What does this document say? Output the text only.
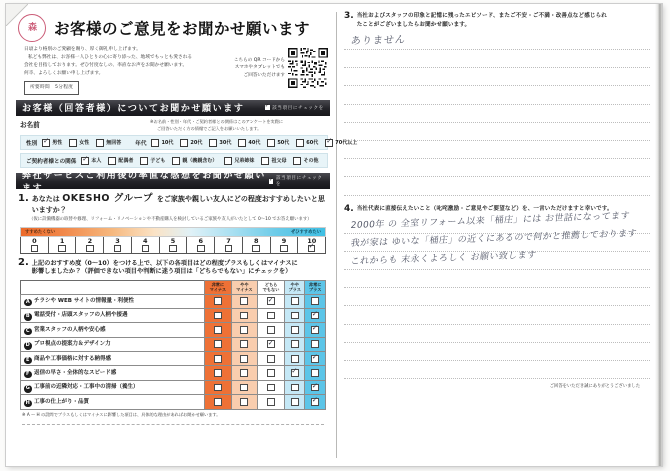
森	お客様のご意見をお聞かせ願います

日頃より格別のご愛顧を賜り、厚く御礼申し上げます。

私ども弊社は、お客様一人ひとりの心に寄り添った、地域でもっとも愛される

会社を目指しております。ぜひ忖度なしの、率直なお声をお聞かせ願います。

何卒、よろしくお願い申し上げます。

所要時間　5分程度
こちらの QR コードから
スマホやタブレットでも
ご回答いただけます
お客様（回答者様）についてお聞かせ願います ✓	該当項目にチェックを
お名前	※お名前・性別・年代・ご契約者様との関係はこのアンケートを実際に
ご回答いただく方の情報でご記入をお願いいたします。
性別 ✓	男性	女性	無回答	年代	10代	20代	30代	40代	50代	60代 ✓	70代以上
ご契約者様との関係 ✓	本人	配偶者	子ども	親（義親含む）	兄弟姉妹	祖父母	その他
弊社サービスご利用後の率直な感想をお聞かせ願います
✓
該当項目にチェックを
1. あなたは OKESHO グループ をご家族や親しい友人にどの程度おすすめしたいと思いますか？
（仮に設備機器の取替や修理、リフォーム・リノベーションや不動産購入を検討しているご家族や友人がいたとして 0〜10 でお答え願います）
すすめたくない	ぜひすすめたい
0	1	2	3	4	5	6	7	8	9	10
✓
2. 上記のおすすめ度（0〜10）をつける上で、以下の各項目はどの程度プラスもしくはマイナスに
影響しましたか？（評価できない項目や判断に迷う項目は「どちらでもない」にチェックを）

非常に
マイナス

やや
マイナス

どちら
でもない

やや
プラス

非常に
プラス

A チラシや WEB サイトの情報量・利便性			✓		
B 電話受付・店頭スタッフの人柄や接遇					✓
C 営業スタッフの人柄や安心感					✓
D プロ視点の提案力＆デザイン力			✓		
E 商品や工事価格に対する納得感					✓
F 返信の早さ・全体的なスピード感				✓	
G 工事前の近隣対応・工事中の清掃（養生）					✓
H 工事の仕上がり・品質					✓
※ A 〜 H の設問でプラスもしくはマイナスに影響した項目は、具体的な理由があればお聞かせ願います。
3. 当社およびスタッフの印象と記憶に残ったエピソード、またご不安・ご不満・改善点など感じられ
たことがございましたらお聞かせ願います。
ありません
4. 当社代表に直接伝えたいこと（叱咤激励・ご意見やご要望など）を、一言いただけますと幸いです。
2000年 の 全室リフォーム以来「桶庄」には お世話になってます
我が家は ゆいな「桶庄」の近くにあるので何かと推薦しております
これからも 末永くよろしく お願い致します
ご回答をいただき誠にありがとうございました
